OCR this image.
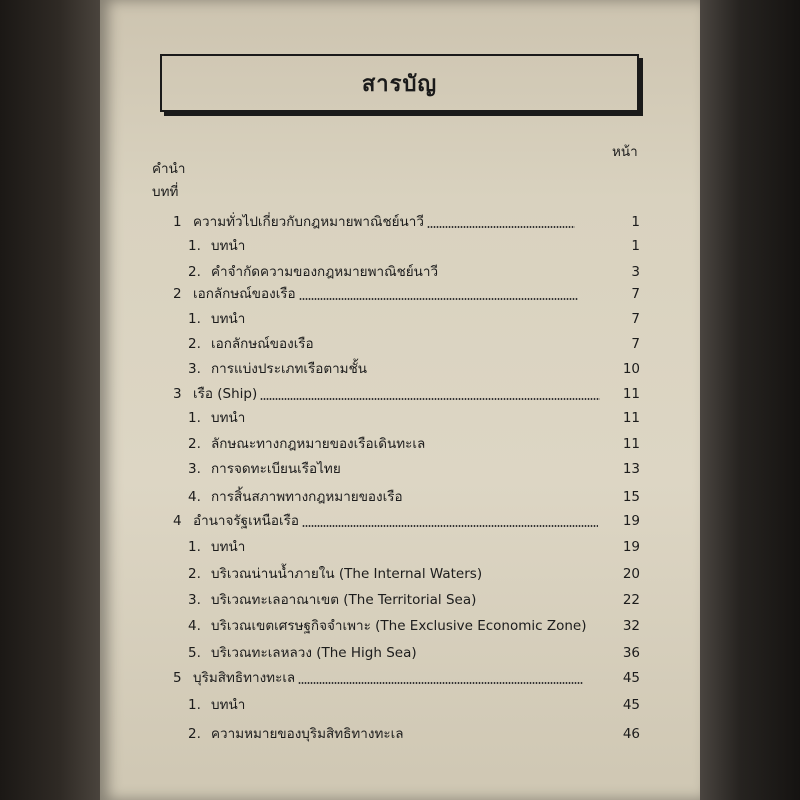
สารบัญ
หน้า
คำนำ
บทที่
1 ความทั่วไปเกี่ยวกับกฎหมายพาณิชย์นาวี	1
1. บทนำ	1
2. คำจำกัดความของกฎหมายพาณิชย์นาวี	3
2 เอกลักษณ์ของเรือ	7
1. บทนำ	7
2. เอกลักษณ์ของเรือ	7
3. การแบ่งประเภทเรือตามชั้น	10
3 เรือ (Ship)	11
1. บทนำ	11
2. ลักษณะทางกฎหมายของเรือเดินทะเล	11
3. การจดทะเบียนเรือไทย	13
4. การสิ้นสภาพทางกฎหมายของเรือ	15
4 อำนาจรัฐเหนือเรือ	19
1. บทนำ	19
2. บริเวณน่านน้ำภายใน (The Internal Waters)	20
3. บริเวณทะเลอาณาเขต (The Territorial Sea)	22
4. บริเวณเขตเศรษฐกิจจำเพาะ (The Exclusive Economic Zone)	32
5. บริเวณทะเลหลวง (The High Sea)	36
5 บุริมสิทธิทางทะเล	45
1. บทนำ	45
2. ความหมายของบุริมสิทธิทางทะเล	46
